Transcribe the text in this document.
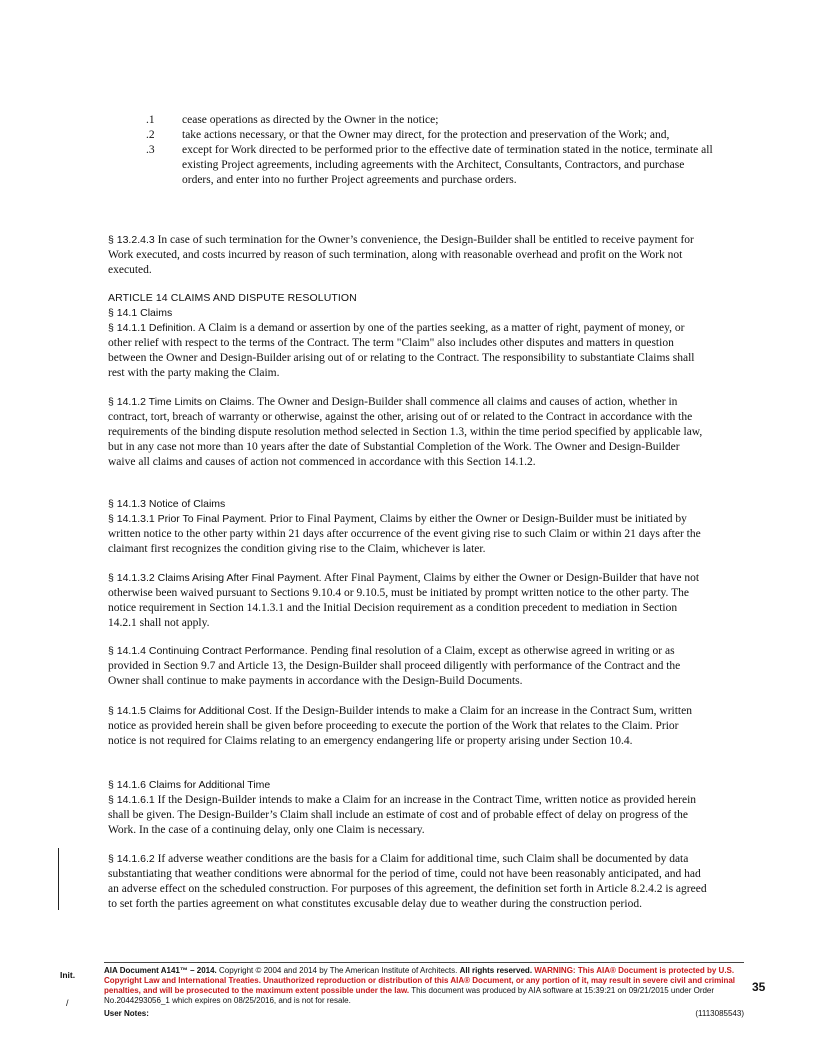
.1	cease operations as directed by the Owner in the notice;
.2	take actions necessary, or that the Owner may direct, for the protection and preservation of the Work; and,
.3	except for Work directed to be performed prior to the effective date of termination stated in the notice, terminate all existing Project agreements, including agreements with the Architect, Consultants, Contractors, and purchase orders, and enter into no further Project agreements and purchase orders.

§ 13.2.4.3 In case of such termination for the Owner’s convenience, the Design-Builder shall be entitled to receive payment for Work executed, and costs incurred by reason of such termination, along with reasonable overhead and profit on the Work not executed.

ARTICLE 14 CLAIMS AND DISPUTE RESOLUTION

§ 14.1 Claims

§ 14.1.1 Definition. A Claim is a demand or assertion by one of the parties seeking, as a matter of right, payment of money, or other relief with respect to the terms of the Contract. The term "Claim" also includes other disputes and matters in question between the Owner and Design-Builder arising out of or relating to the Contract. The responsibility to substantiate Claims shall rest with the party making the Claim.

§ 14.1.2 Time Limits on Claims. The Owner and Design-Builder shall commence all claims and causes of action, whether in contract, tort, breach of warranty or otherwise, against the other, arising out of or related to the Contract in accordance with the requirements of the binding dispute resolution method selected in Section 1.3, within the time period specified by applicable law, but in any case not more than 10 years after the date of Substantial Completion of the Work. The Owner and Design-Builder waive all claims and causes of action not commenced in accordance with this Section 14.1.2.

§ 14.1.3 Notice of Claims

§ 14.1.3.1 Prior To Final Payment. Prior to Final Payment, Claims by either the Owner or Design-Builder must be initiated by written notice to the other party within 21 days after occurrence of the event giving rise to such Claim or within 21 days after the claimant first recognizes the condition giving rise to the Claim, whichever is later.

§ 14.1.3.2 Claims Arising After Final Payment. After Final Payment, Claims by either the Owner or Design-Builder that have not otherwise been waived pursuant to Sections 9.10.4 or 9.10.5, must be initiated by prompt written notice to the other party. The notice requirement in Section 14.1.3.1 and the Initial Decision requirement as a condition precedent to mediation in Section 14.2.1 shall not apply.

§ 14.1.4 Continuing Contract Performance. Pending final resolution of a Claim, except as otherwise agreed in writing or as provided in Section 9.7 and Article 13, the Design-Builder shall proceed diligently with performance of the Contract and the Owner shall continue to make payments in accordance with the Design-Build Documents.

§ 14.1.5 Claims for Additional Cost. If the Design-Builder intends to make a Claim for an increase in the Contract Sum, written notice as provided herein shall be given before proceeding to execute the portion of the Work that relates to the Claim. Prior notice is not required for Claims relating to an emergency endangering life or property arising under Section 10.4.

§ 14.1.6 Claims for Additional Time

§ 14.1.6.1 If the Design-Builder intends to make a Claim for an increase in the Contract Time, written notice as provided herein shall be given. The Design-Builder’s Claim shall include an estimate of cost and of probable effect of delay on progress of the Work. In the case of a continuing delay, only one Claim is necessary.

§ 14.1.6.2 If adverse weather conditions are the basis for a Claim for additional time, such Claim shall be documented by data substantiating that weather conditions were abnormal for the period of time, could not have been reasonably anticipated, and had an adverse effect on the scheduled construction. For purposes of this agreement, the definition set forth in Article 8.2.4.2 is agreed to set forth the parties agreement on what constitutes excusable delay due to weather during the construction period.

Init.
/
AIA Document A141™ – 2014. Copyright © 2004 and 2014 by The American Institute of Architects. All rights reserved. WARNING: This AIA® Document is protected by U.S. Copyright Law and International Treaties. Unauthorized reproduction or distribution of this AIA® Document, or any portion of it, may result in severe civil and criminal penalties, and will be prosecuted to the maximum extent possible under the law. This document was produced by AIA software at 15:39:21 on 09/21/2015 under Order No.2044293056_1 which expires on 08/25/2016, and is not for resale.
35
User Notes:	(1113085543)
